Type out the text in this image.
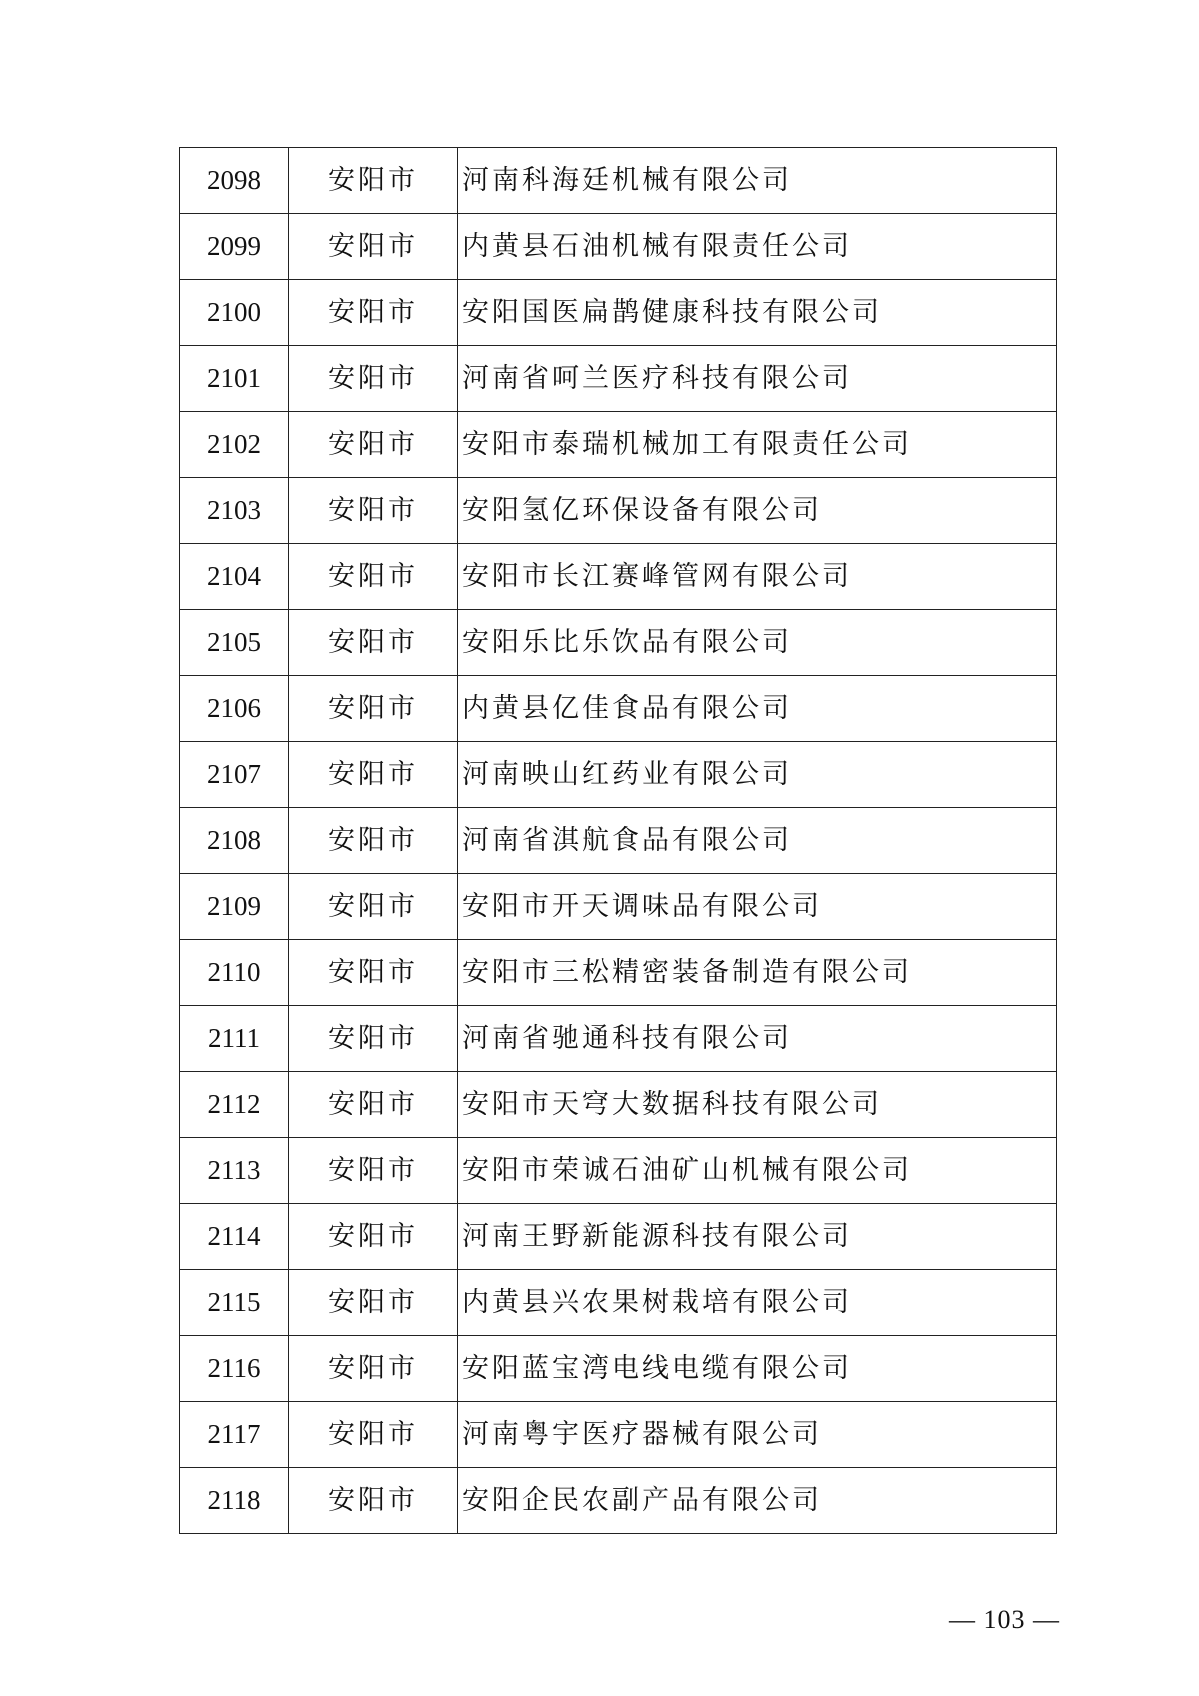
2098	安阳市	河南科海廷机械有限公司
2099	安阳市	内黄县石油机械有限责任公司
2100	安阳市	安阳国医扁鹊健康科技有限公司
2101	安阳市	河南省呵兰医疗科技有限公司
2102	安阳市	安阳市泰瑞机械加工有限责任公司
2103	安阳市	安阳氢亿环保设备有限公司
2104	安阳市	安阳市长江赛峰管网有限公司
2105	安阳市	安阳乐比乐饮品有限公司
2106	安阳市	内黄县亿佳食品有限公司
2107	安阳市	河南映山红药业有限公司
2108	安阳市	河南省淇航食品有限公司
2109	安阳市	安阳市开天调味品有限公司
2110	安阳市	安阳市三松精密装备制造有限公司
2111	安阳市	河南省驰通科技有限公司
2112	安阳市	安阳市天穹大数据科技有限公司
2113	安阳市	安阳市荣诚石油矿山机械有限公司
2114	安阳市	河南王野新能源科技有限公司
2115	安阳市	内黄县兴农果树栽培有限公司
2116	安阳市	安阳蓝宝湾电线电缆有限公司
2117	安阳市	河南粤宇医疗器械有限公司
2118	安阳市	安阳企民农副产品有限公司
— 103 —
